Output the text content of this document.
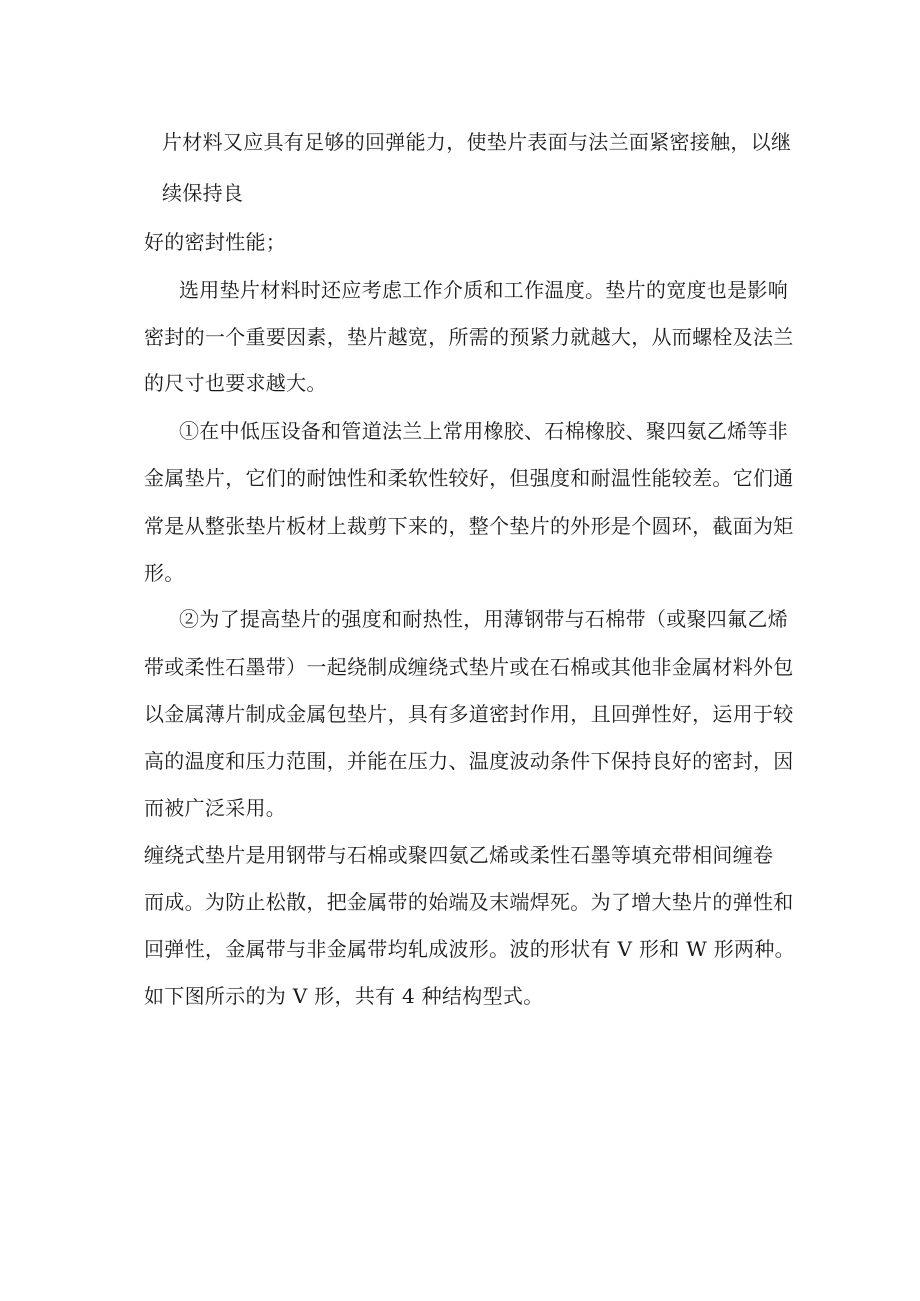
片材料又应具有足够的回弹能力，使垫片表面与法兰面紧密接触，以继

续保持良

好的密封性能；

选用垫片材料时还应考虑工作介质和工作温度。垫片的宽度也是影响

密封的一个重要因素，垫片越宽，所需的预紧力就越大，从而螺栓及法兰

的尺寸也要求越大。

①在中低压设备和管道法兰上常用橡胶、石棉橡胶、聚四氨乙烯等非

金属垫片，它们的耐蚀性和柔软性较好，但强度和耐温性能较差。它们通

常是从整张垫片板材上裁剪下来的，整个垫片的外形是个圆环，截面为矩

形。

②为了提高垫片的强度和耐热性，用薄钢带与石棉带（或聚四氟乙烯

带或柔性石墨带）一起绕制成缠绕式垫片或在石棉或其他非金属材料外包

以金属薄片制成金属包垫片，具有多道密封作用，且回弹性好，运用于较

高的温度和压力范围，并能在压力、温度波动条件下保持良好的密封，因

而被广泛采用。

缠绕式垫片是用钢带与石棉或聚四氨乙烯或柔性石墨等填充带相间缠卷

而成。为防止松散，把金属带的始端及末端焊死。为了增大垫片的弹性和

回弹性，金属带与非金属带均轧成波形。波的形状有 V 形和 W 形两种。

如下图所示的为 V 形，共有 4 种结构型式。
